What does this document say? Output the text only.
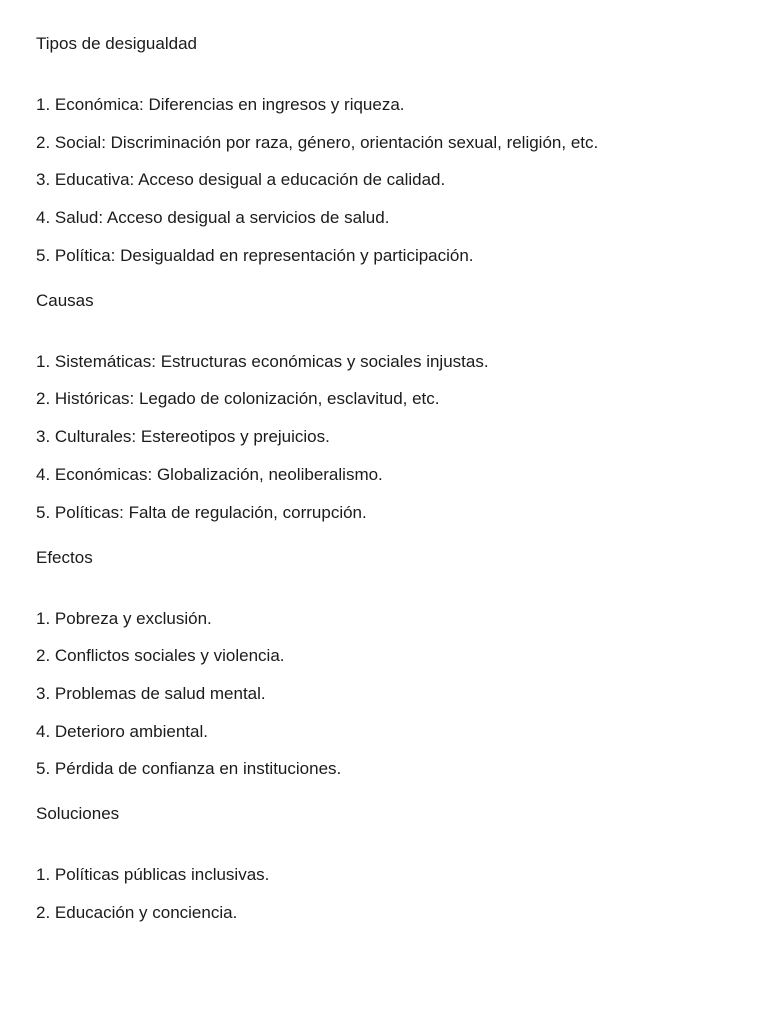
Tipos de desigualdad
1. Económica: Diferencias en ingresos y riqueza.
2. Social: Discriminación por raza, género, orientación sexual, religión, etc.
3. Educativa: Acceso desigual a educación de calidad.
4. Salud: Acceso desigual a servicios de salud.
5. Política: Desigualdad en representación y participación.
Causas
1. Sistemáticas: Estructuras económicas y sociales injustas.
2. Históricas: Legado de colonización, esclavitud, etc.
3. Culturales: Estereotipos y prejuicios.
4. Económicas: Globalización, neoliberalismo.
5. Políticas: Falta de regulación, corrupción.
Efectos
1. Pobreza y exclusión.
2. Conflictos sociales y violencia.
3. Problemas de salud mental.
4. Deterioro ambiental.
5. Pérdida de confianza en instituciones.
Soluciones
1. Políticas públicas inclusivas.
2. Educación y conciencia.
